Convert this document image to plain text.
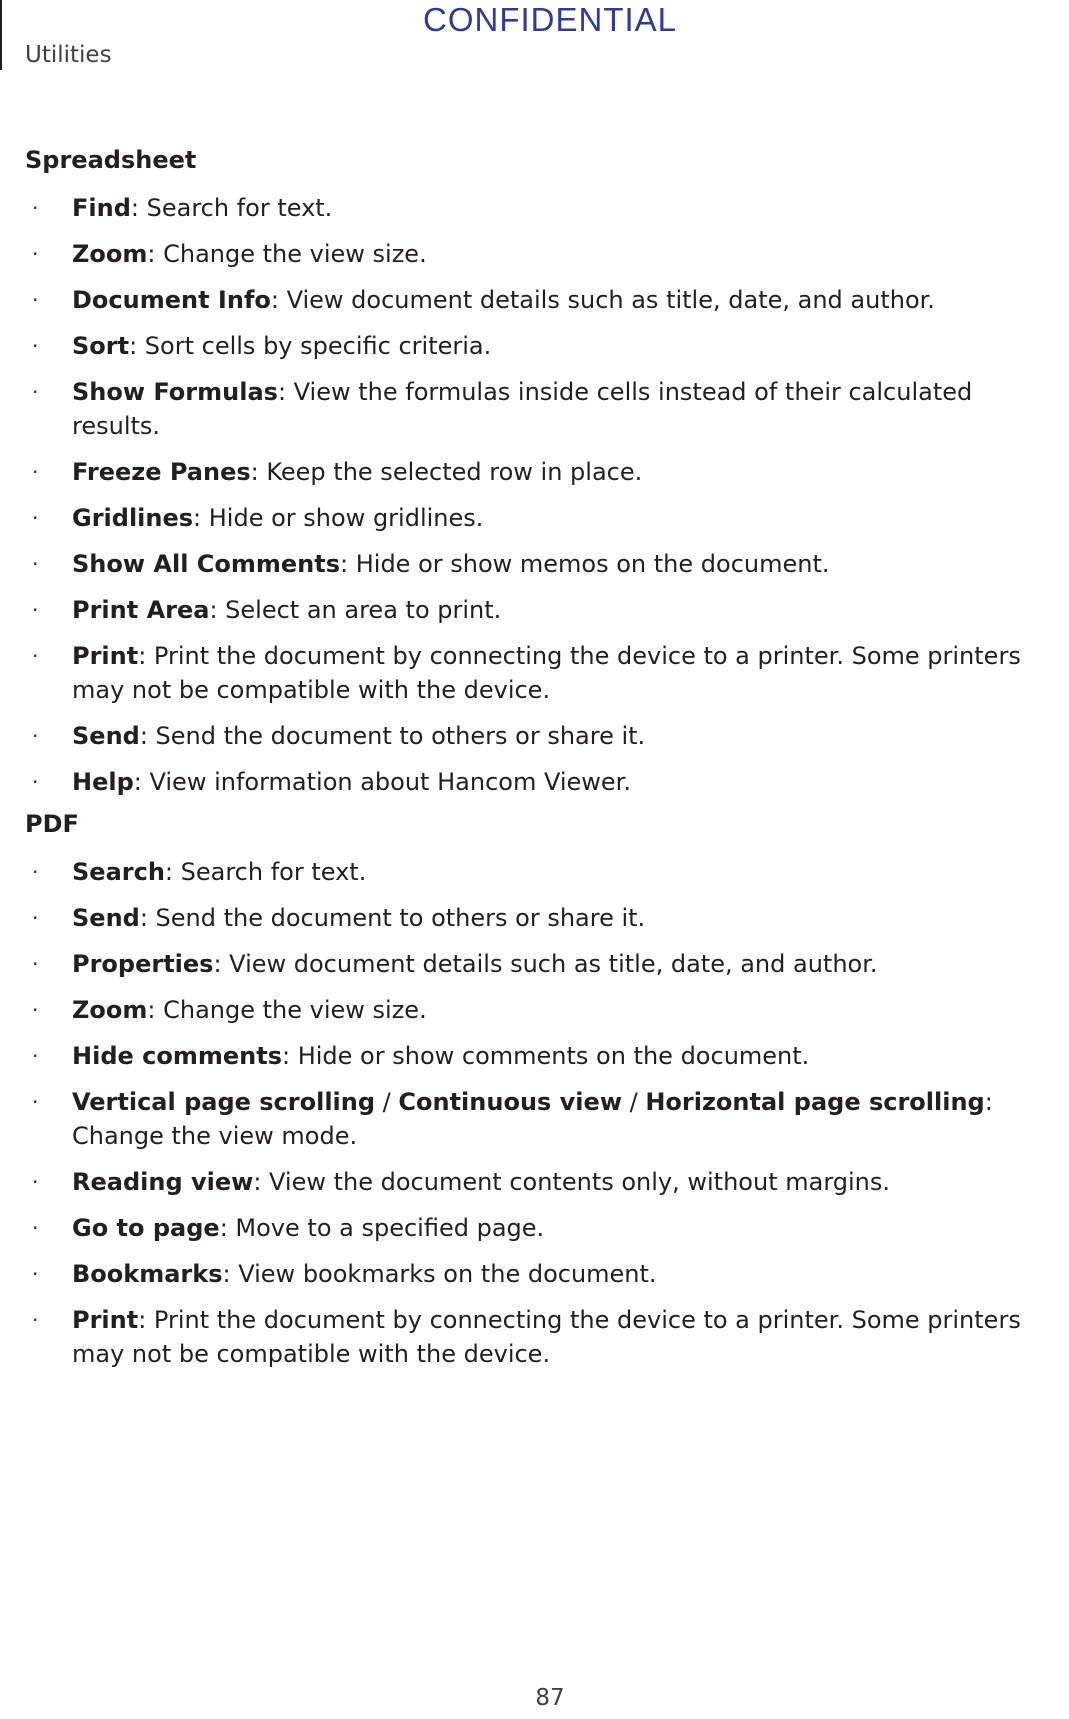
CONFIDENTIAL
Utilities
Spreadsheet
· Find: Search for text.
· Zoom: Change the view size.
· Document Info: View document details such as title, date, and author.
· Sort: Sort cells by specific criteria.
· Show Formulas: View the formulas inside cells instead of their calculated results.
· Freeze Panes: Keep the selected row in place.
· Gridlines: Hide or show gridlines.
· Show All Comments: Hide or show memos on the document.
· Print Area: Select an area to print.
· Print: Print the document by connecting the device to a printer. Some printers may not be compatible with the device.
· Send: Send the document to others or share it.
· Help: View information about Hancom Viewer.
PDF
· Search: Search for text.
· Send: Send the document to others or share it.
· Properties: View document details such as title, date, and author.
· Zoom: Change the view size.
· Hide comments: Hide or show comments on the document.
· Vertical page scrolling / Continuous view / Horizontal page scrolling: Change the view mode.
· Reading view: View the document contents only, without margins.
· Go to page: Move to a specified page.
· Bookmarks: View bookmarks on the document.
· Print: Print the document by connecting the device to a printer. Some printers may not be compatible with the device.
87
